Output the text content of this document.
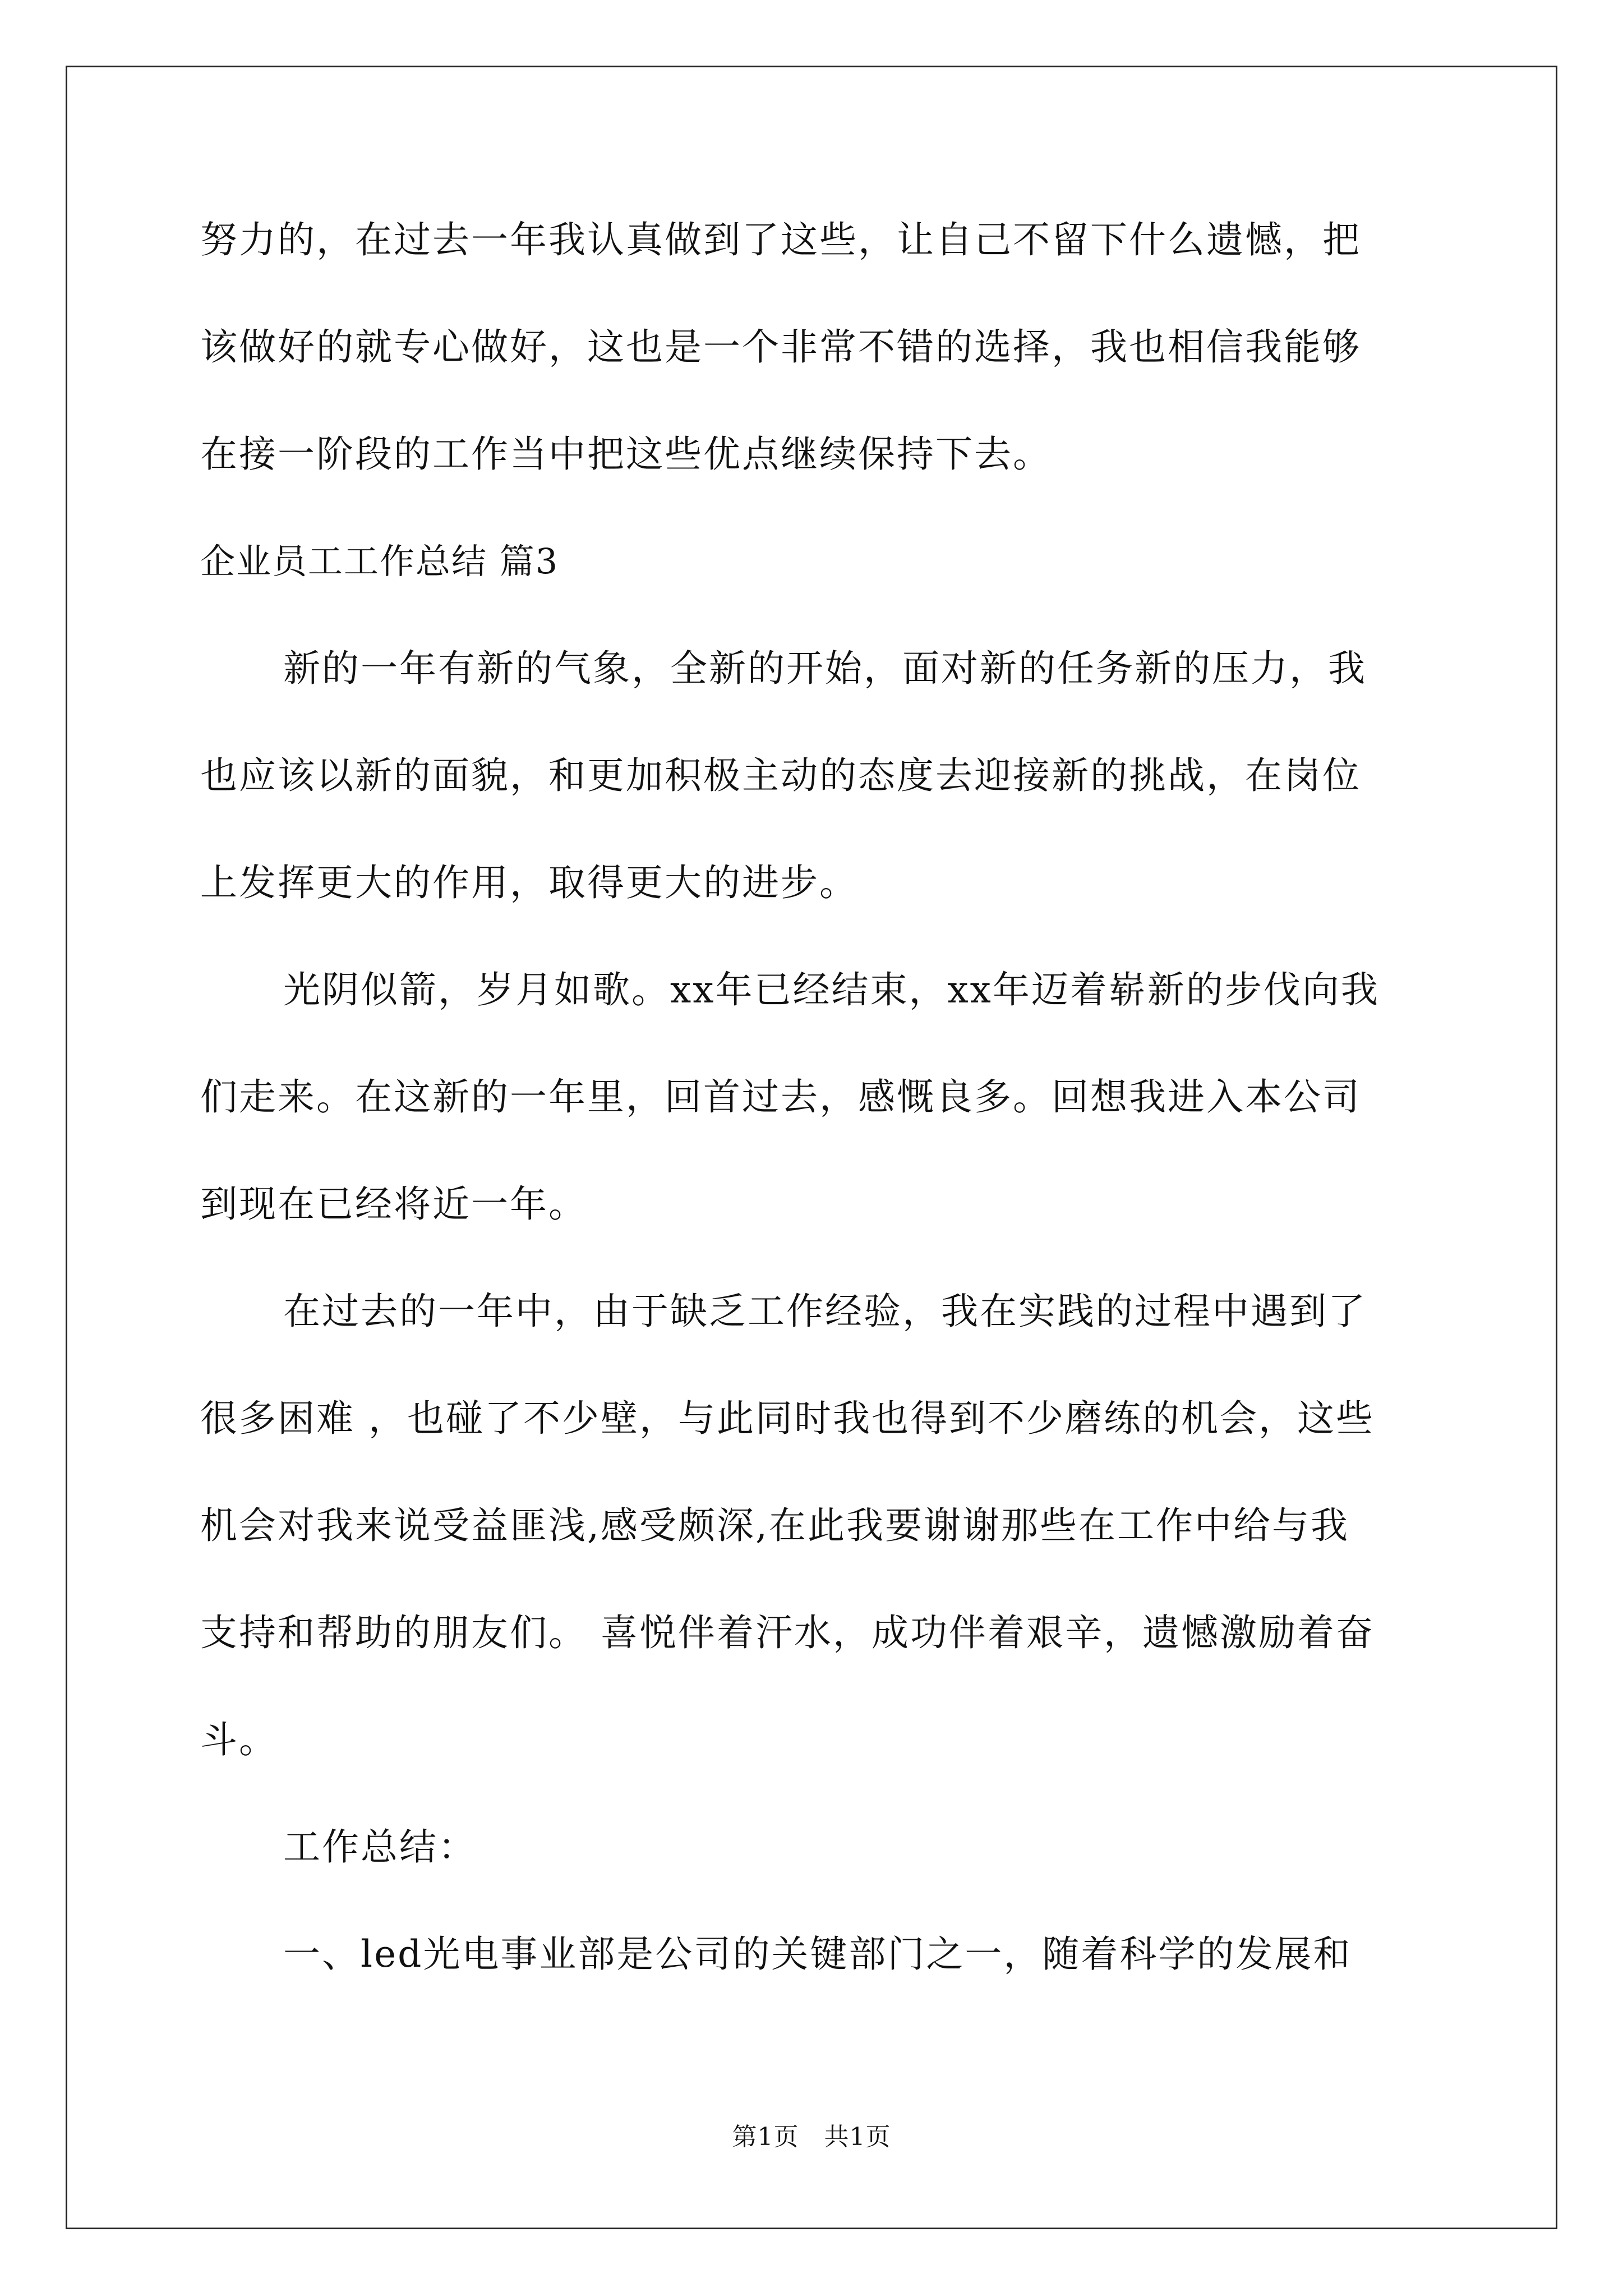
努力的，在过去一年我认真做到了这些，让自己不留下什么遗憾，把
该做好的就专心做好，这也是一个非常不错的选择，我也相信我能够
在接一阶段的工作当中把这些优点继续保持下去。
企业员工工作总结 篇3
新的一年有新的气象，全新的开始，面对新的任务新的压力，我
也应该以新的面貌，和更加积极主动的态度去迎接新的挑战，在岗位
上发挥更大的作用，取得更大的进步。
光阴似箭，岁月如歌。xx年已经结束，xx年迈着崭新的步伐向我
们走来。在这新的一年里，回首过去，感慨良多。回想我进入本公司
到现在已经将近一年。
在过去的一年中，由于缺乏工作经验，我在实践的过程中遇到了
很多困难 ，也碰了不少壁，与此同时我也得到不少磨练的机会，这些
机会对我来说受益匪浅,感受颇深,在此我要谢谢那些在工作中给与我
支持和帮助的朋友们。 喜悦伴着汗水，成功伴着艰辛，遗憾激励着奋
斗。
工作总结：
一、led光电事业部是公司的关键部门之一，随着科学的发展和
第1页　共1页
